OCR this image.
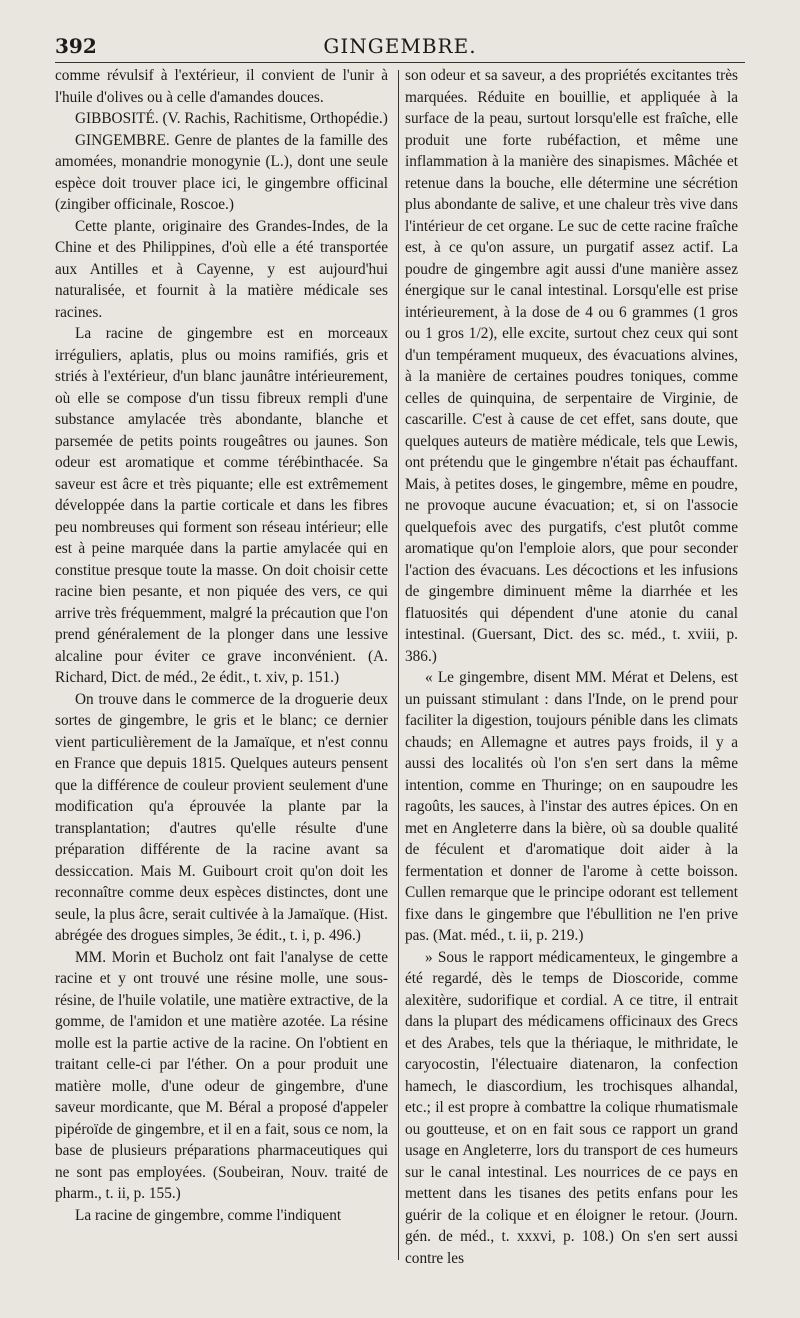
392	GINGEMBRE.

comme révulsif à l'extérieur, il convient de l'unir à l'huile d'olives ou à celle d'amandes douces.

GIBBOSITÉ. (V. Rachis, Rachitisme, Orthopédie.)

GINGEMBRE. Genre de plantes de la famille des amomées, monandrie monogynie (L.), dont une seule espèce doit trouver place ici, le gingembre officinal (zingiber officinale, Roscoe.)

Cette plante, originaire des Grandes-Indes, de la Chine et des Philippines, d'où elle a été transportée aux Antilles et à Cayenne, y est aujourd'hui naturalisée, et fournit à la matière médicale ses racines.

La racine de gingembre est en morceaux irréguliers, aplatis, plus ou moins ramifiés, gris et striés à l'extérieur, d'un blanc jaunâtre intérieurement, où elle se compose d'un tissu fibreux rempli d'une substance amylacée très abondante, blanche et parsemée de petits points rougeâtres ou jaunes. Son odeur est aromatique et comme térébinthacée. Sa saveur est âcre et très piquante; elle est extrêmement développée dans la partie corticale et dans les fibres peu nombreuses qui forment son réseau intérieur; elle est à peine marquée dans la partie amylacée qui en constitue presque toute la masse. On doit choisir cette racine bien pesante, et non piquée des vers, ce qui arrive très fréquemment, malgré la précaution que l'on prend généralement de la plonger dans une lessive alcaline pour éviter ce grave inconvénient. (A. Richard, Dict. de méd., 2e édit., t. xiv, p. 151.)

On trouve dans le commerce de la droguerie deux sortes de gingembre, le gris et le blanc; ce dernier vient particulièrement de la Jamaïque, et n'est connu en France que depuis 1815. Quelques auteurs pensent que la différence de couleur provient seulement d'une modification qu'a éprouvée la plante par la transplantation; d'autres qu'elle résulte d'une préparation différente de la racine avant sa dessiccation. Mais M. Guibourt croit qu'on doit les reconnaître comme deux espèces distinctes, dont une seule, la plus âcre, serait cultivée à la Jamaïque. (Hist. abrégée des drogues simples, 3e édit., t. i, p. 496.)

MM. Morin et Bucholz ont fait l'analyse de cette racine et y ont trouvé une résine molle, une sous-résine, de l'huile volatile, une matière extractive, de la gomme, de l'amidon et une matière azotée. La résine molle est la partie active de la racine. On l'obtient en traitant celle-ci par l'éther. On a pour produit une matière molle, d'une odeur de gingembre, d'une saveur mordicante, que M. Béral a proposé d'appeler pipéroïde de gingembre, et il en a fait, sous ce nom, la base de plusieurs préparations pharmaceutiques qui ne sont pas employées. (Soubeiran, Nouv. traité de pharm., t. ii, p. 155.)

La racine de gingembre, comme l'indiquent

son odeur et sa saveur, a des propriétés excitantes très marquées. Réduite en bouillie, et appliquée à la surface de la peau, surtout lorsqu'elle est fraîche, elle produit une forte rubéfaction, et même une inflammation à la manière des sinapismes. Mâchée et retenue dans la bouche, elle détermine une sécrétion plus abondante de salive, et une chaleur très vive dans l'intérieur de cet organe. Le suc de cette racine fraîche est, à ce qu'on assure, un purgatif assez actif. La poudre de gingembre agit aussi d'une manière assez énergique sur le canal intestinal. Lorsqu'elle est prise intérieurement, à la dose de 4 ou 6 grammes (1 gros ou 1 gros 1/2), elle excite, surtout chez ceux qui sont d'un tempérament muqueux, des évacuations alvines, à la manière de certaines poudres toniques, comme celles de quinquina, de serpentaire de Virginie, de cascarille. C'est à cause de cet effet, sans doute, que quelques auteurs de matière médicale, tels que Lewis, ont prétendu que le gingembre n'était pas échauffant. Mais, à petites doses, le gingembre, même en poudre, ne provoque aucune évacuation; et, si on l'associe quelquefois avec des purgatifs, c'est plutôt comme aromatique qu'on l'emploie alors, que pour seconder l'action des évacuans. Les décoctions et les infusions de gingembre diminuent même la diarrhée et les flatuosités qui dépendent d'une atonie du canal intestinal. (Guersant, Dict. des sc. méd., t. xviii, p. 386.)

« Le gingembre, disent MM. Mérat et Delens, est un puissant stimulant : dans l'Inde, on le prend pour faciliter la digestion, toujours pénible dans les climats chauds; en Allemagne et autres pays froids, il y a aussi des localités où l'on s'en sert dans la même intention, comme en Thuringe; on en saupoudre les ragoûts, les sauces, à l'instar des autres épices. On en met en Angleterre dans la bière, où sa double qualité de féculent et d'aromatique doit aider à la fermentation et donner de l'arome à cette boisson. Cullen remarque que le principe odorant est tellement fixe dans le gingembre que l'ébullition ne l'en prive pas. (Mat. méd., t. ii, p. 219.)

» Sous le rapport médicamenteux, le gingembre a été regardé, dès le temps de Dioscoride, comme alexitère, sudorifique et cordial. A ce titre, il entrait dans la plupart des médicamens officinaux des Grecs et des Arabes, tels que la thériaque, le mithridate, le caryocostin, l'électuaire diatenaron, la confection hamech, le diascordium, les trochisques alhandal, etc.; il est propre à combattre la colique rhumatismale ou goutteuse, et on en fait sous ce rapport un grand usage en Angleterre, lors du transport de ces humeurs sur le canal intestinal. Les nourrices de ce pays en mettent dans les tisanes des petits enfans pour les guérir de la colique et en éloigner le retour. (Journ. gén. de méd., t. xxxvi, p. 108.) On s'en sert aussi contre les
